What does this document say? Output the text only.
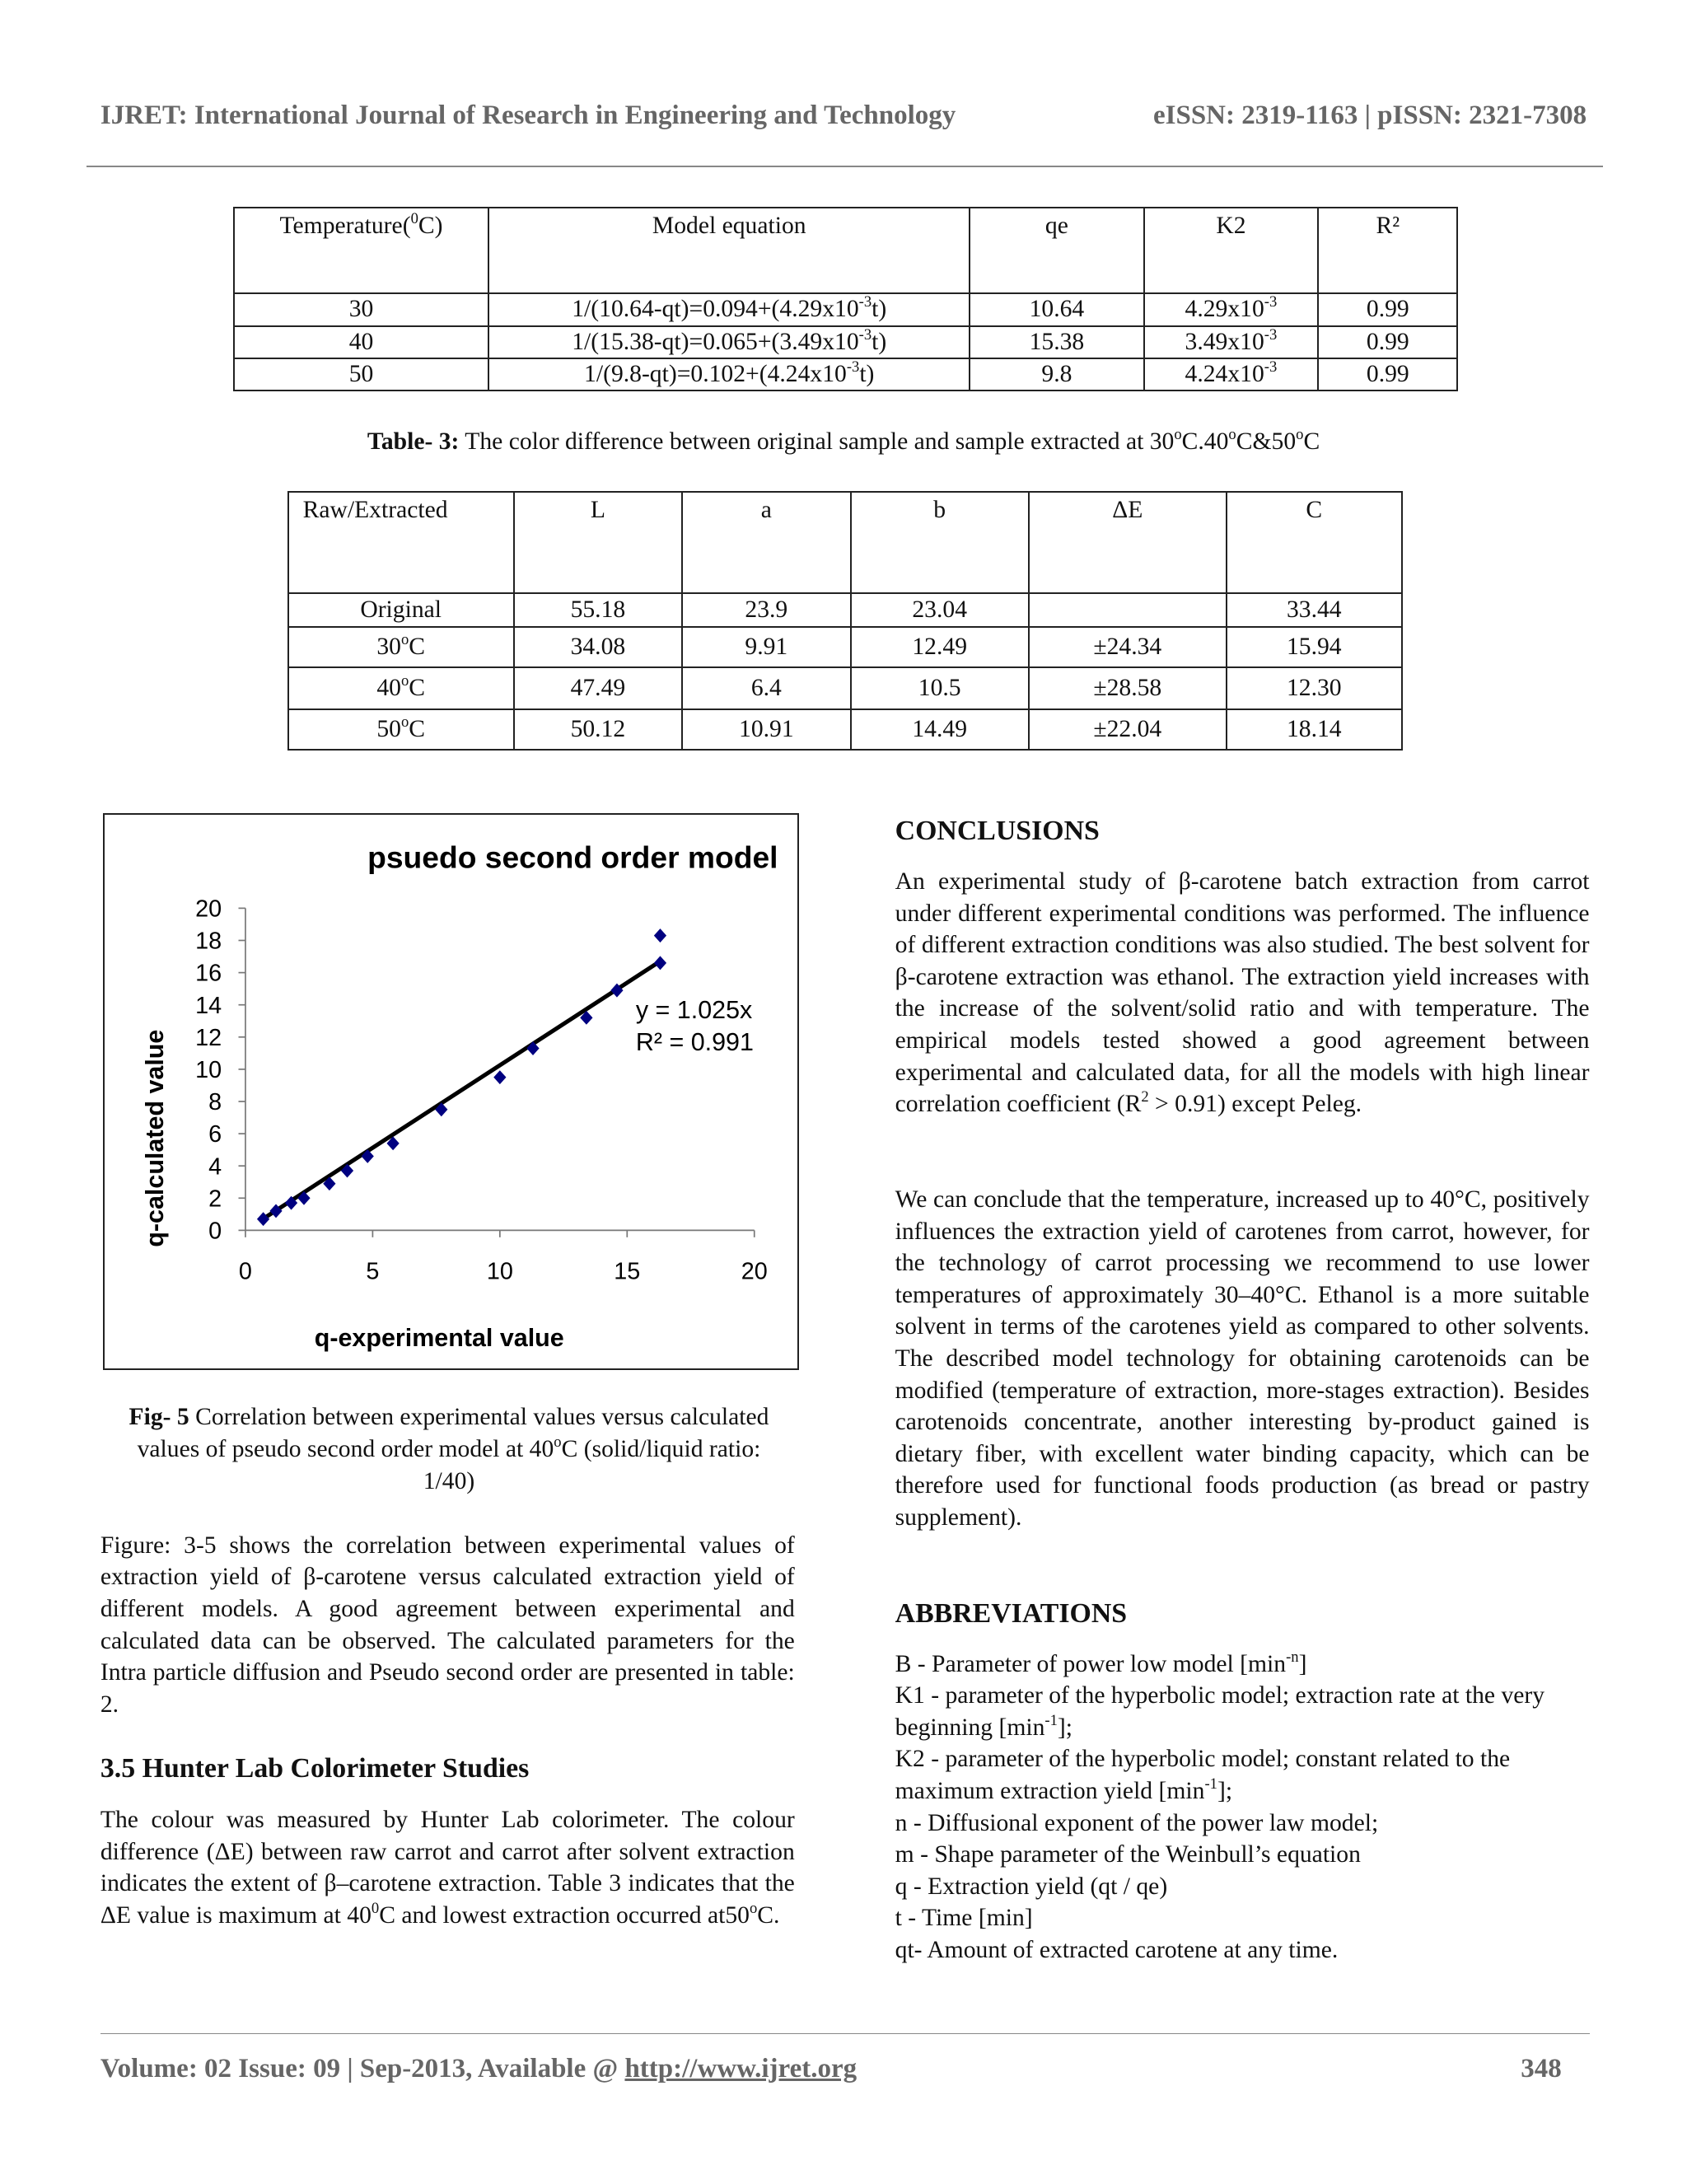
IJRET: International Journal of Research in Engineering and Technology	eISSN: 2319-1163 | pISSN: 2321-7308
Temperature($^0$C)	Model equation	qe	K2	R²
30	$1/(10.64-qt)=0.094+(4.29x10^{-3}t)$	10.64	$4.29x10^{-3}$	0.99
40	$1/(15.38-qt)=0.065+(3.49x10^{-3}t)$	15.38	$3.49x10^{-3}$	0.99
50	$1/(9.8-qt)=0.102+(4.24x10^{-3}t)$	9.8	$4.24x10^{-3}$	0.99
Table- 3: The color difference between original sample and sample extracted at 30$^o$C.40$^o$C&50$^o$C
Raw/Extracted	L	a	b	ΔE	C
Original	55.18	23.9	23.04		33.44
30$^o$C	34.08	9.91	12.49	±24.34	15.94
40$^o$C	47.49	6.4	10.5	±28.58	12.30
50$^o$C	50.12	10.91	14.49	±22.04	18.14
psuedo second order model
0
2
4
6
8
10
12
14
16
18
20
0	5	10	15	20
y = 1.025x
R² = 0.991
q-experimental value
q-calculated value
Fig- 5 Correlation between experimental values versus calculated values of pseudo second order model at 40$^o$C (solid/liquid ratio: 1/40)
Figure: 3-5 shows the correlation between experimental values of extraction yield of β-carotene versus calculated extraction yield of different models. A good agreement between experimental and calculated data can be observed. The calculated parameters for the Intra particle diffusion and Pseudo second order are presented in table: 2.
3.5 Hunter Lab Colorimeter Studies
The colour was measured by Hunter Lab colorimeter. The colour difference (ΔE) between raw carrot and carrot after solvent extraction indicates the extent of β–carotene extraction. Table 3 indicates that the ΔE value is maximum at $40^0C$ and lowest extraction occurred at50$^o$C.
CONCLUSIONS
An experimental study of β-carotene batch extraction from carrot under different experimental conditions was performed. The influence of different extraction conditions was also studied. The best solvent for β-carotene extraction was ethanol. The extraction yield increases with the increase of the solvent/solid ratio and with temperature. The empirical models tested showed a good agreement between experimental and calculated data, for all the models with high linear correlation coefficient $(R^2 > 0.91)$ except Peleg.
We can conclude that the temperature, increased up to 40°C, positively influences the extraction yield of carotenes from carrot, however, for the technology of carrot processing we recommend to use lower temperatures of approximately 30–40°C. Ethanol is a more suitable solvent in terms of the carotenes yield as compared to other solvents. The described model technology for obtaining carotenoids can be modified (temperature of extraction, more-stages extraction). Besides carotenoids concentrate, another interesting by-product gained is dietary fiber, with excellent water binding capacity, which can be therefore used for functional foods production (as bread or pastry supplement).
ABBREVIATIONS
B - Parameter of power low model $[\min^{-n}]$
K1 - parameter of the hyperbolic model; extraction rate at the very beginning $[\min^{-1}]$;
K2 - parameter of the hyperbolic model; constant related to the maximum extraction yield $[\min^{-1}]$;
n - Diffusional exponent of the power law model;
m - Shape parameter of the Weinbull’s equation
q - Extraction yield (qt / qe)
t - Time [min]
qt- Amount of extracted carotene at any time.
Volume: 02 Issue: 09 | Sep-2013, Available @ http://www.ijret.org	348
